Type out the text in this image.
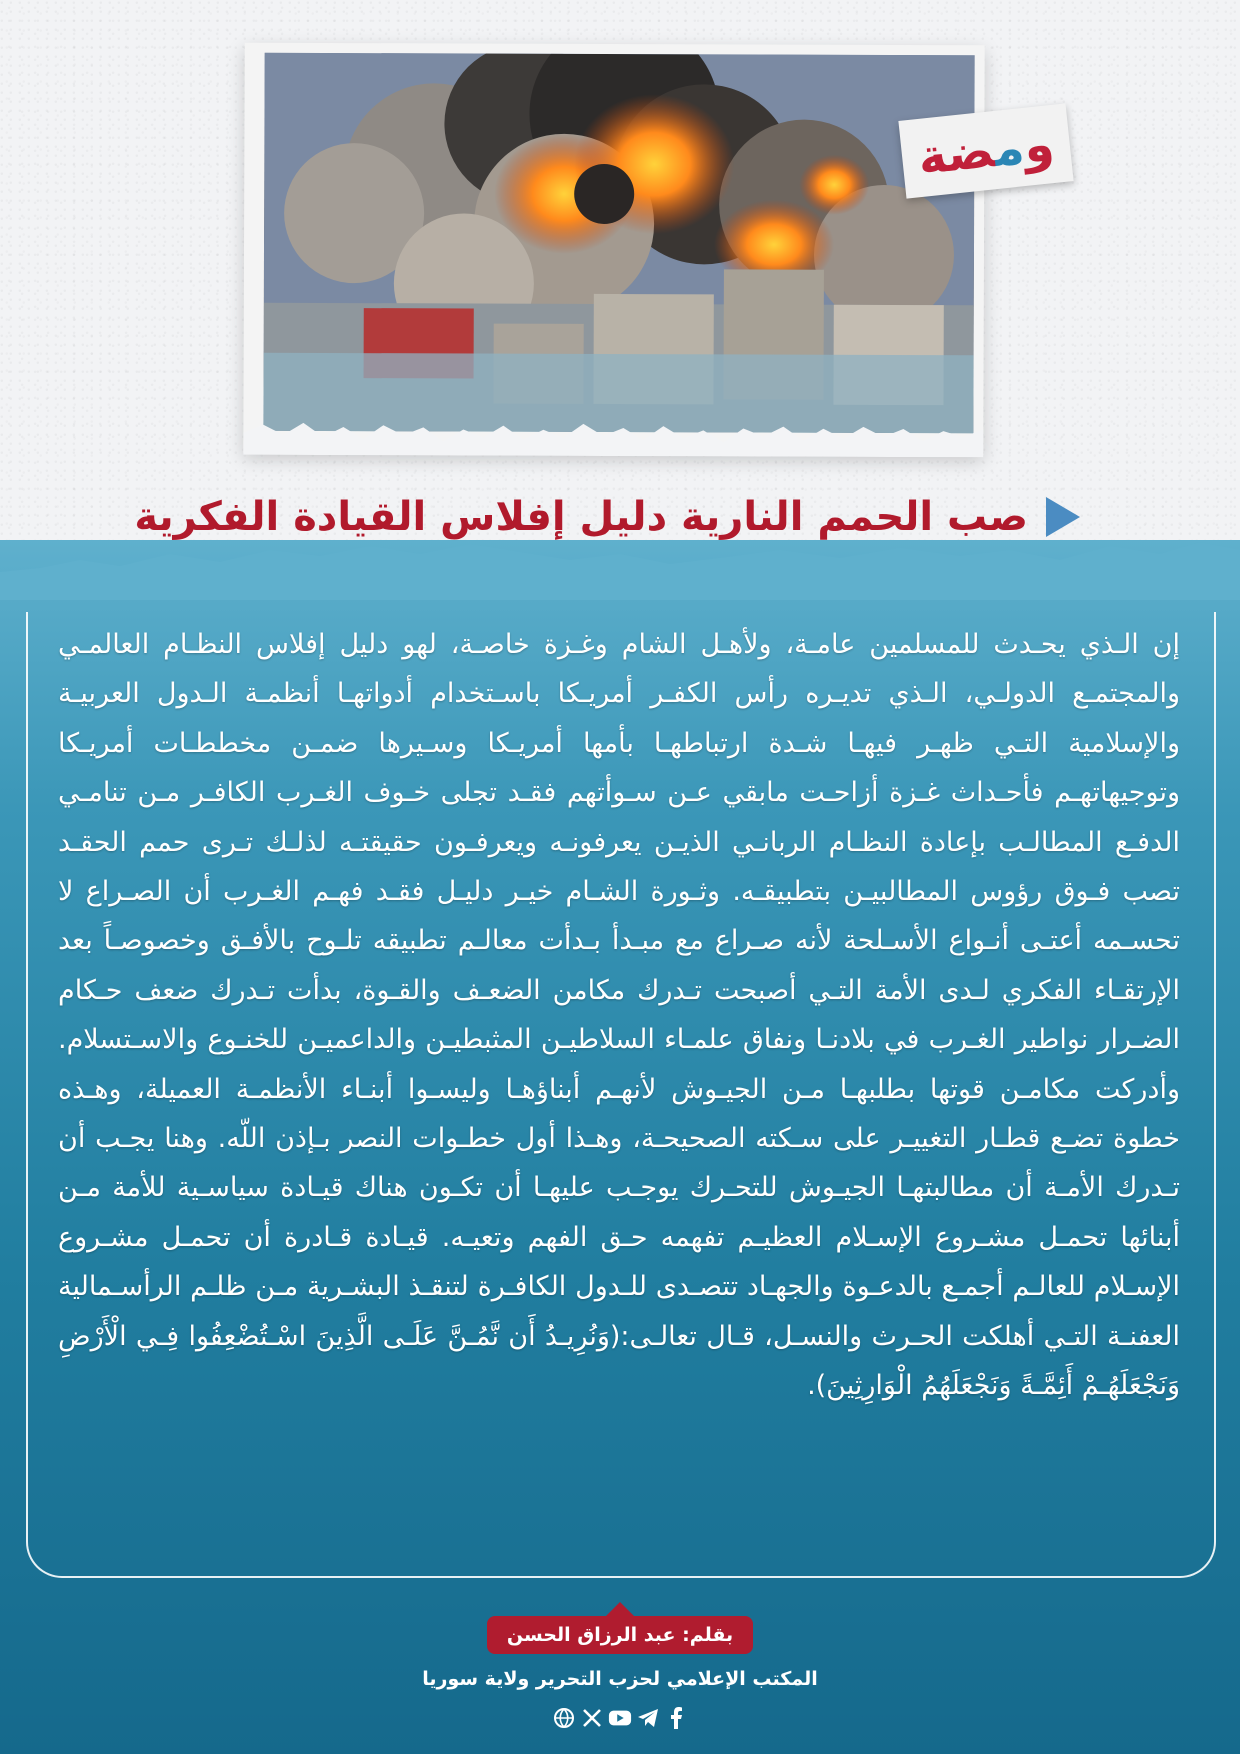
ومضة
صب الحمم النارية دليل إفلاس القيادة الفكرية

إن الـذي يحـدث للمسلمين عامـة، ولأهـل الشام وغـزة خاصـة، لهو دليل إفلاس النظـام العالمـي والمجتمـع الدولـي، الـذي تديـره رأس الكفـر أمريـكا باسـتخدام أدواتهـا أنظمـة الـدول العربيـة والإسلامية التـي ظهـر فيهـا شـدة ارتباطهـا بأمها أمريـكا وسـيرها ضمـن مخططـات أمريـكا وتوجيهاتهـم فأحـداث غـزة أزاحـت مابقي عـن سـوأتهم فقـد تجلى خـوف الغـرب الكافـر مـن تنامـي الدفـع المطالـب بإعادة النظـام الربانـي الذيـن يعرفونـه ويعرفـون حقيقتـه لذلـك تـرى حمم الحقـد تصب فـوق رؤوس المطالبيـن بتطبيقـه. وثـورة الشـام خيـر دليـل فقـد فهـم الغـرب أن الصـراع لا تحسـمه أعتـى أنـواع الأسـلحة لأنه صـراع مع مبـدأ بـدأت معالـم تطبيقه تلـوح بالأفـق وخصوصـاً بعد الإرتقـاء الفكري لـدى الأمة التـي أصبحت تـدرك مكامن الضعـف والقـوة، بدأت تـدرك ضعف حـكام الضـرار نواطير الغـرب في بلادنـا ونفاق علمـاء السلاطيـن المثبطيـن والداعميـن للخنـوع والاسـتسلام. وأدركت مكامـن قوتها بطلبهـا مـن الجيـوش لأنهـم أبناؤهـا وليسـوا أبنـاء الأنظمـة العميلة، وهـذه خطوة تضـع قطـار التغييـر على سـكته الصحيحـة، وهـذا أول خطـوات النصر بـإذن اللّه. وهنا يجـب أن تـدرك الأمـة أن مطالبتهـا الجيـوش للتحـرك يوجـب عليهـا أن تكـون هناك قيـادة سياسـية للأمة مـن أبنائها تحمـل مشـروع الإسـلام العظيـم تفهمه حـق الفهم وتعيـه. قيـادة قـادرة أن تحمـل مشـروع الإسـلام للعالـم أجمـع بالدعـوة والجهـاد تتصـدى للـدول الكافـرة لتنقـذ البشـرية مـن ظلـم الرأسـمالية العفنـة التـي أهلكت الحـرث والنسـل، قـال تعالـى:(وَنُرِيـدُ أَن نَّمُـنَّ عَلَـى الَّذِينَ اسْـتُضْعِفُوا فِـي الْأَرْضِ وَنَجْعَلَهُـمْ أَئِمَّـةً وَنَجْعَلَهُمُ الْوَارِثِينَ).

بقلم: عبد الرزاق الحسن
المكتب الإعلامي لحزب التحرير ولاية سوريا
